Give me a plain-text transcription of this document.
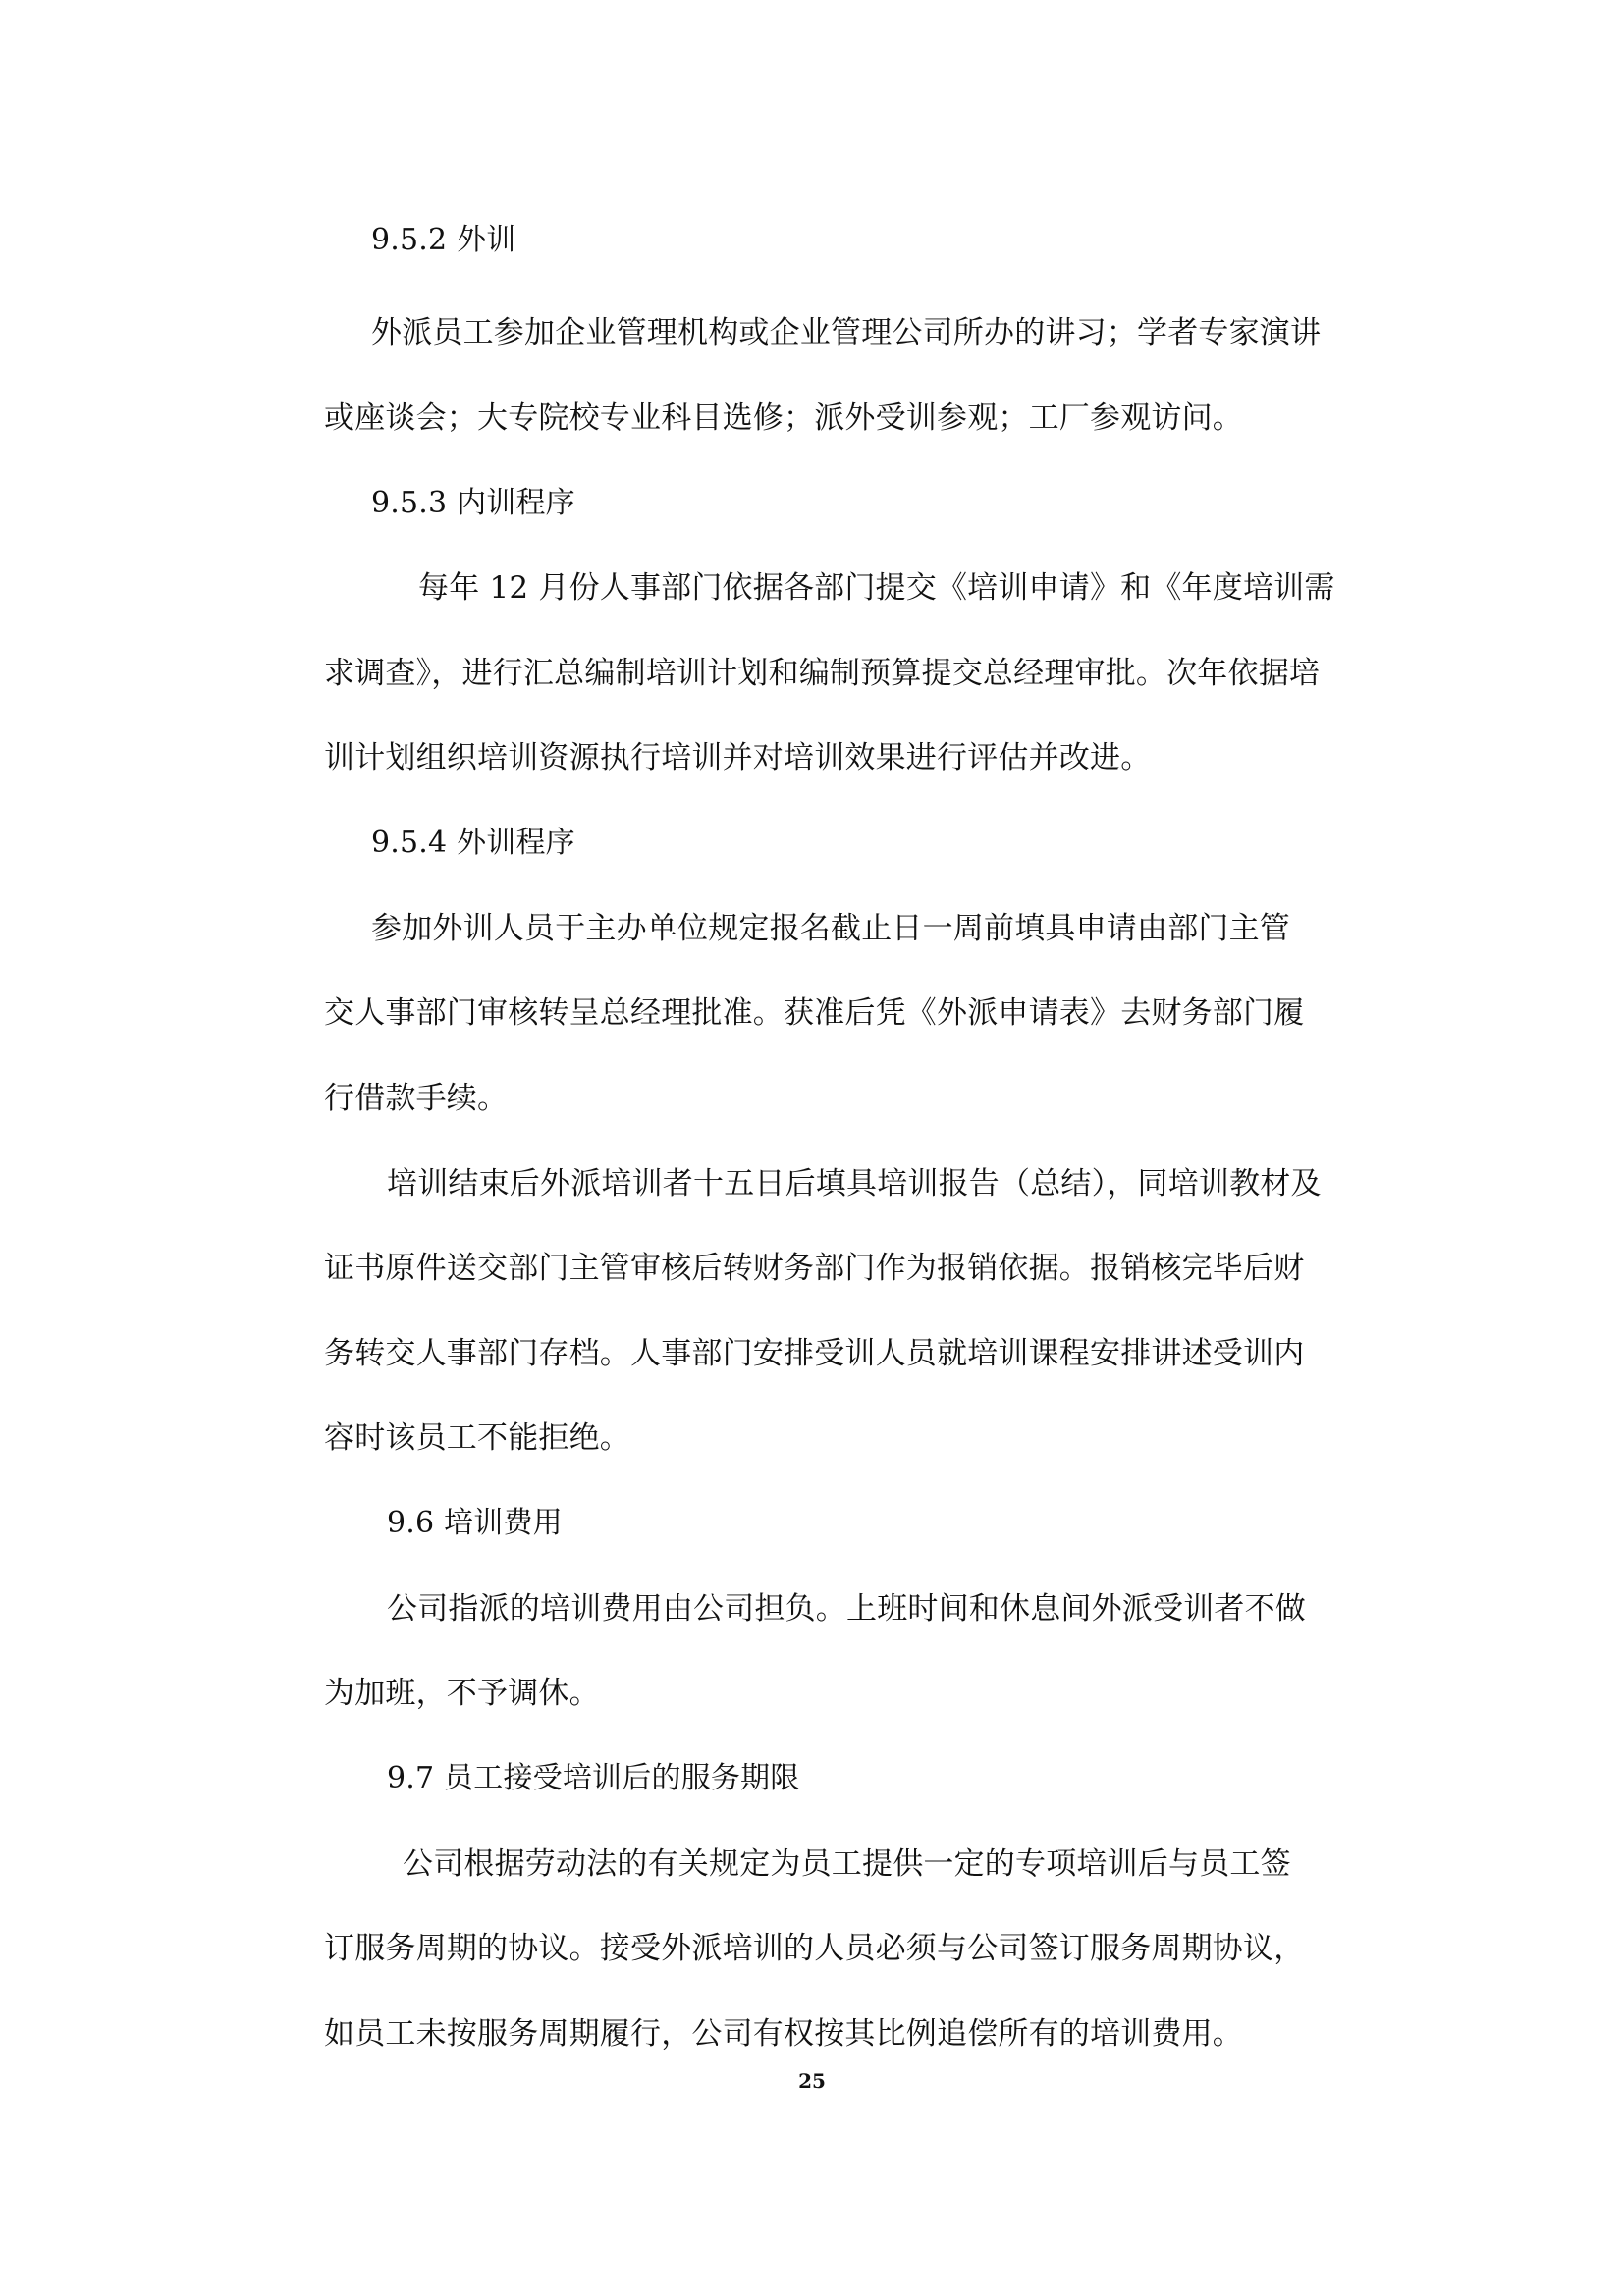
9.5.2 外训

外派员工参加企业管理机构或企业管理公司所办的讲习；学者专家演讲

或座谈会；大专院校专业科目选修；派外受训参观；工厂参观访问。

9.5.3 内训程序

每年 12 月份人事部门依据各部门提交《培训申请》和《年度培训需

求调查》，进行汇总编制培训计划和编制预算提交总经理审批。次年依据培

训计划组织培训资源执行培训并对培训效果进行评估并改进。

9.5.4 外训程序

参加外训人员于主办单位规定报名截止日一周前填具申请由部门主管

交人事部门审核转呈总经理批准。获准后凭《外派申请表》去财务部门履

行借款手续。

培训结束后外派培训者十五日后填具培训报告（总结），同培训教材及

证书原件送交部门主管审核后转财务部门作为报销依据。报销核完毕后财

务转交人事部门存档。人事部门安排受训人员就培训课程安排讲述受训内

容时该员工不能拒绝。

9.6 培训费用

公司指派的培训费用由公司担负。上班时间和休息间外派受训者不做

为加班，不予调休。

9.7 员工接受培训后的服务期限

公司根据劳动法的有关规定为员工提供一定的专项培训后与员工签

订服务周期的协议。接受外派培训的人员必须与公司签订服务周期协议，

如员工未按服务周期履行，公司有权按其比例追偿所有的培训费用。

25
